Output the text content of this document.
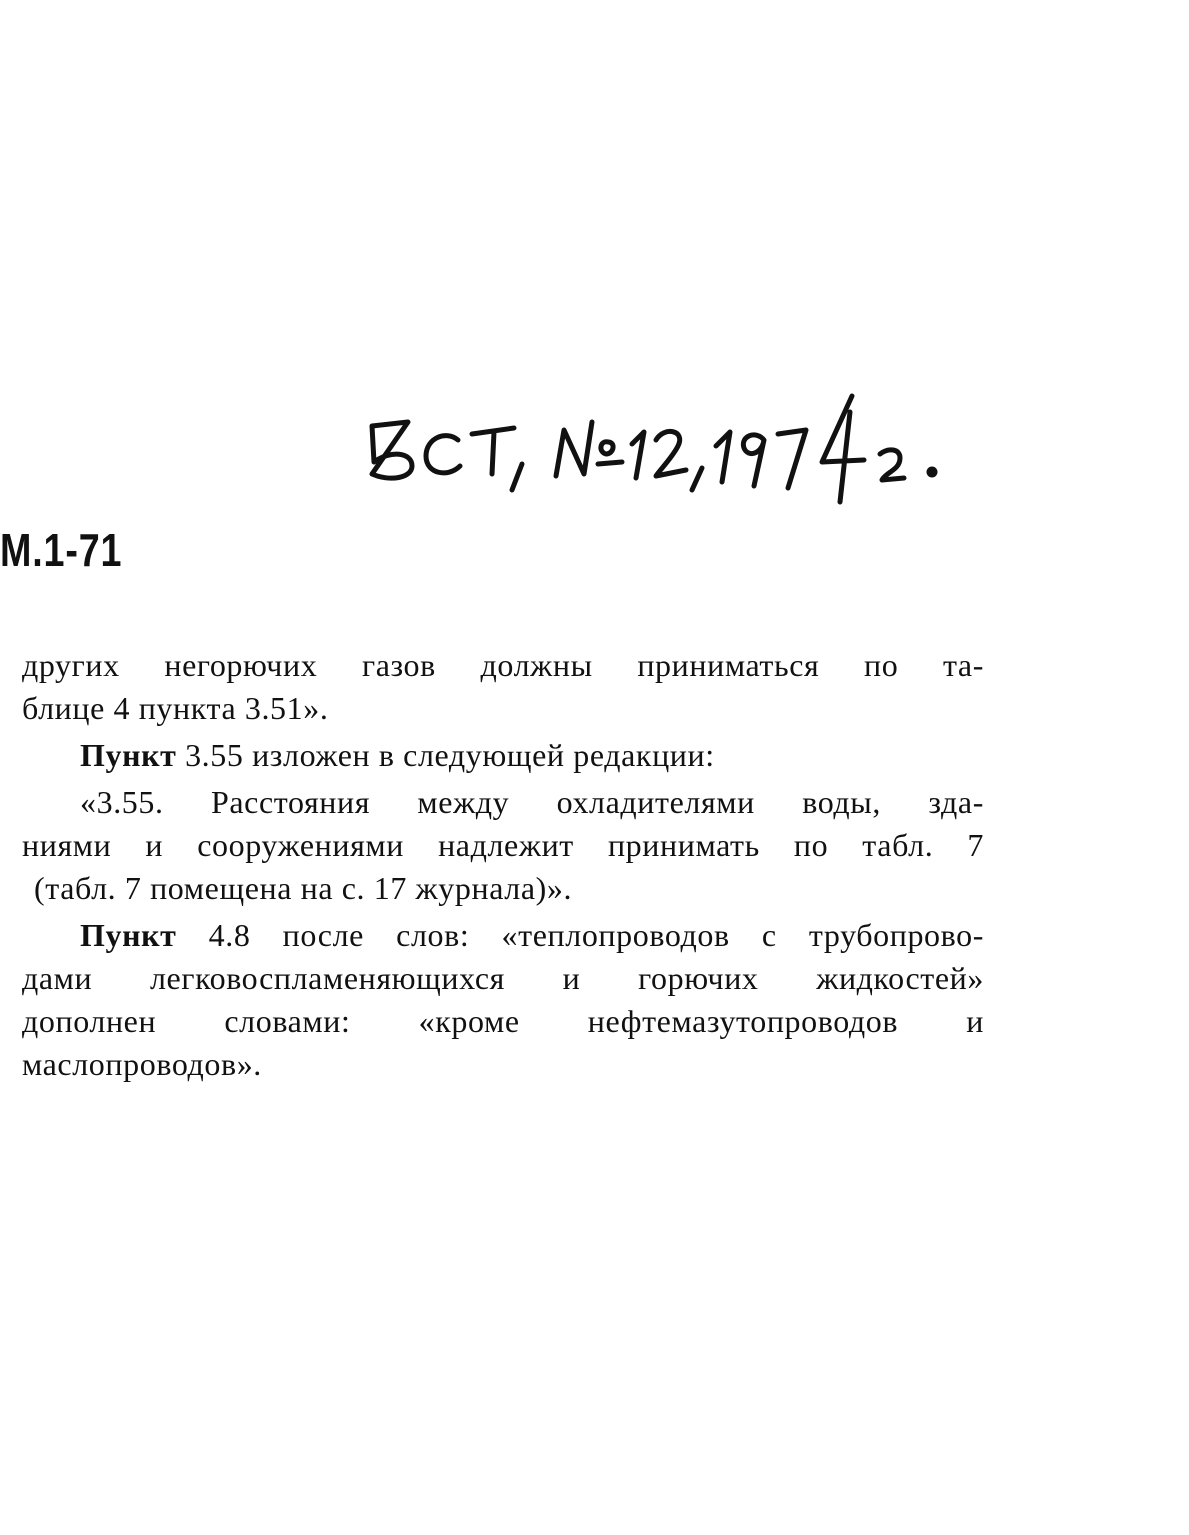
М.1-71
других негорючих газов должны приниматься по та-
блице 4 пункта 3.51».
Пункт 3.55 изложен в следующей редакции:
«3.55. Расстояния между охладителями воды, зда-
ниями и сооружениями надлежит принимать по табл. 7
(табл. 7 помещена на с. 17 журнала)».
Пункт 4.8 после слов: «теплопроводов с трубопрово-
дами легковоспламеняющихся и горючих жидкостей»
дополнен словами: «кроме нефтемазутопроводов и
маслопроводов».
